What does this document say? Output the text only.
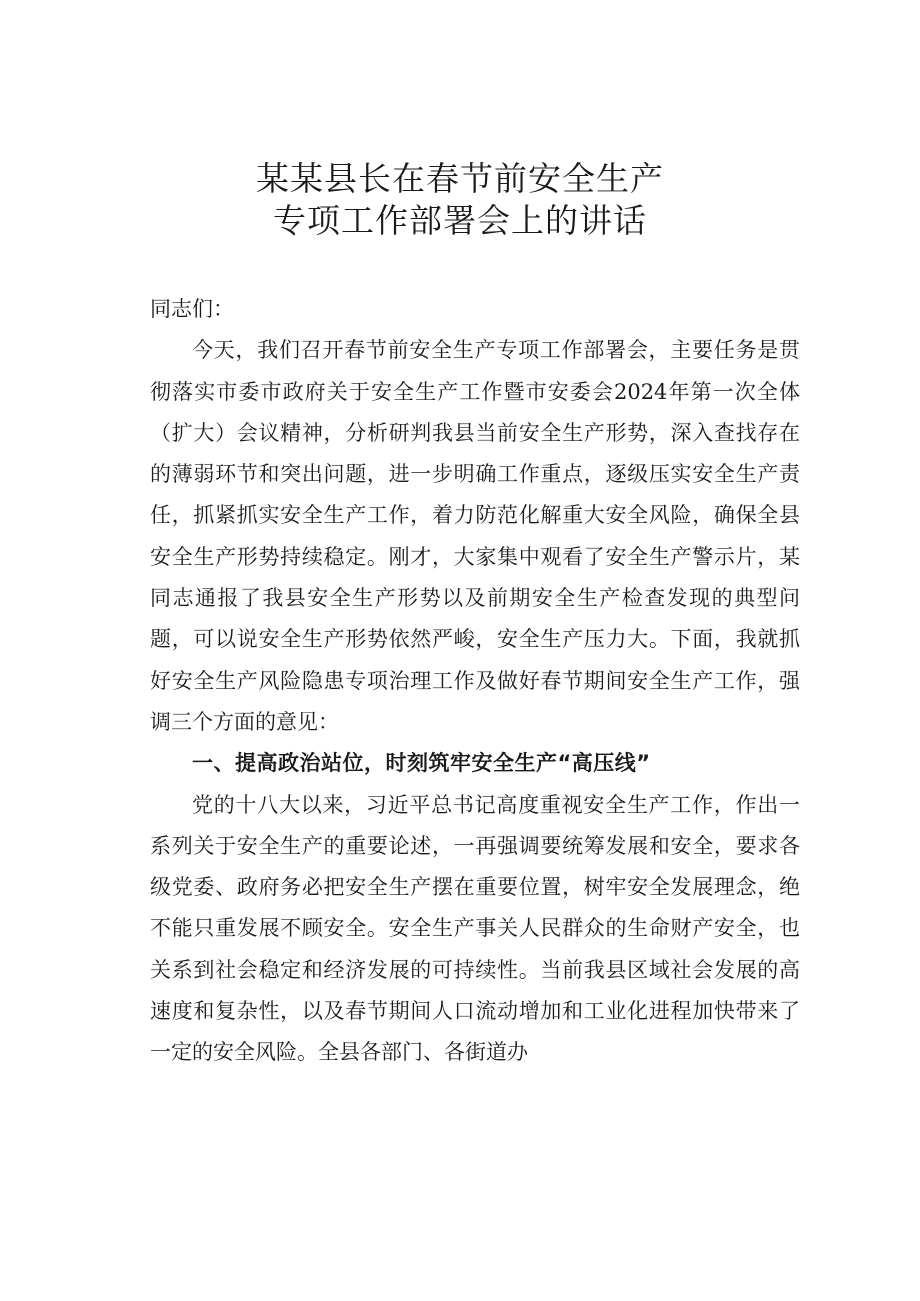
某某县长在春节前安全生产
专项工作部署会上的讲话

同志们：

今天，我们召开春节前安全生产专项工作部署会，主要任务是贯彻落实市委市政府关于安全生产工作暨市安委会2024年第一次全体（扩大）会议精神，分析研判我县当前安全生产形势，深入查找存在的薄弱环节和突出问题，进一步明确工作重点，逐级压实安全生产责任，抓紧抓实安全生产工作，着力防范化解重大安全风险，确保全县安全生产形势持续稳定。刚才，大家集中观看了安全生产警示片，某同志通报了我县安全生产形势以及前期安全生产检查发现的典型问题，可以说安全生产形势依然严峻，安全生产压力大。下面，我就抓好安全生产风险隐患专项治理工作及做好春节期间安全生产工作，强调三个方面的意见：

一、提高政治站位，时刻筑牢安全生产“高压线”

党的十八大以来，习近平总书记高度重视安全生产工作，作出一系列关于安全生产的重要论述，一再强调要统筹发展和安全，要求各级党委、政府务必把安全生产摆在重要位置，树牢安全发展理念，绝不能只重发展不顾安全。安全生产事关人民群众的生命财产安全，也关系到社会稳定和经济发展的可持续性。当前我县区域社会发展的高速度和复杂性，以及春节期间人口流动增加和工业化进程加快带来了一定的安全风险。全县各部门、各街道办
